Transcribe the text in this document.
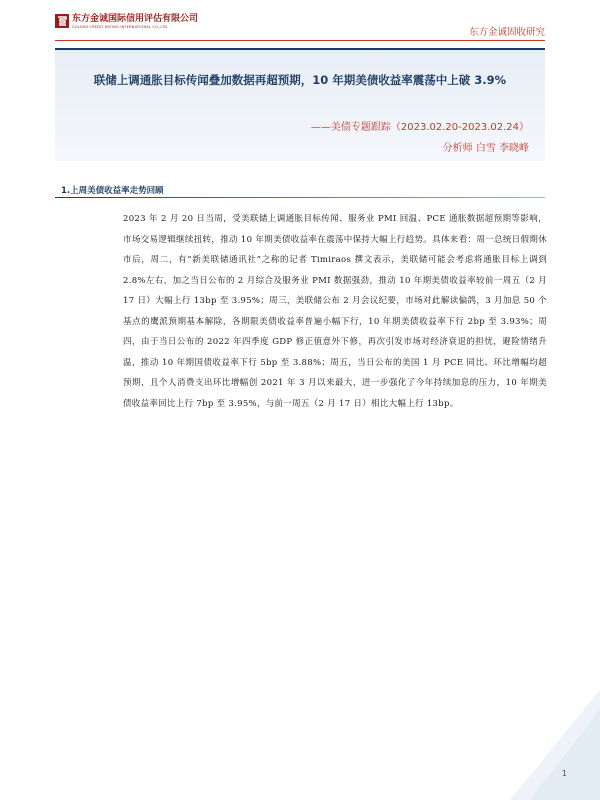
东方金诚国际信用评估有限公司
GOLDEN CREDIT RATING INTERNATIONAL CO.,LTD.	东方金诚固收研究
联储上调通胀目标传闻叠加数据再超预期，10 年期美债收益率震荡中上破 3.9%
——美债专题跟踪（2023.02.20-2023.02.24）
分析师 白雪 李晓峰
1.上周美债收益率走势回顾
2023 年 2 月 20 日当周，受美联储上调通胀目标传闻、服务业 PMI 回温、PCE 通胀数据超预期等影响，市场交易逻辑继续扭转，推动 10 年期美债收益率在震荡中保持大幅上行趋势。具体来看：周一总统日假期休市后，周二，有“新美联储通讯社”之称的记者 Timiraos 撰文表示，美联储可能会考虑将通胀目标上调到 2.8%左右，加之当日公布的 2 月综合及服务业 PMI 数据强劲，推动 10 年期美债收益率较前一周五（2 月 17 日）大幅上行 13bp 至 3.95%；周三，美联储公布 2 月会议纪要，市场对此解读偏鸽，3 月加息 50 个基点的鹰派预期基本解除，各期限美债收益率普遍小幅下行，10 年期美债收益率下行 2bp 至 3.93%；周四，由于当日公布的 2022 年四季度 GDP 修正值意外下修，再次引发市场对经济衰退的担忧，避险情绪升温，推动 10 年期国债收益率下行 5bp 至 3.88%；周五，当日公布的美国 1 月 PCE 同比、环比增幅均超预期，且个人消费支出环比增幅创 2021 年 3 月以来最大，进一步强化了今年持续加息的压力，10 年期美债收益率回比上行 7bp 至 3.95%，与前一周五（2 月 17 日）相比大幅上行 13bp。
1
